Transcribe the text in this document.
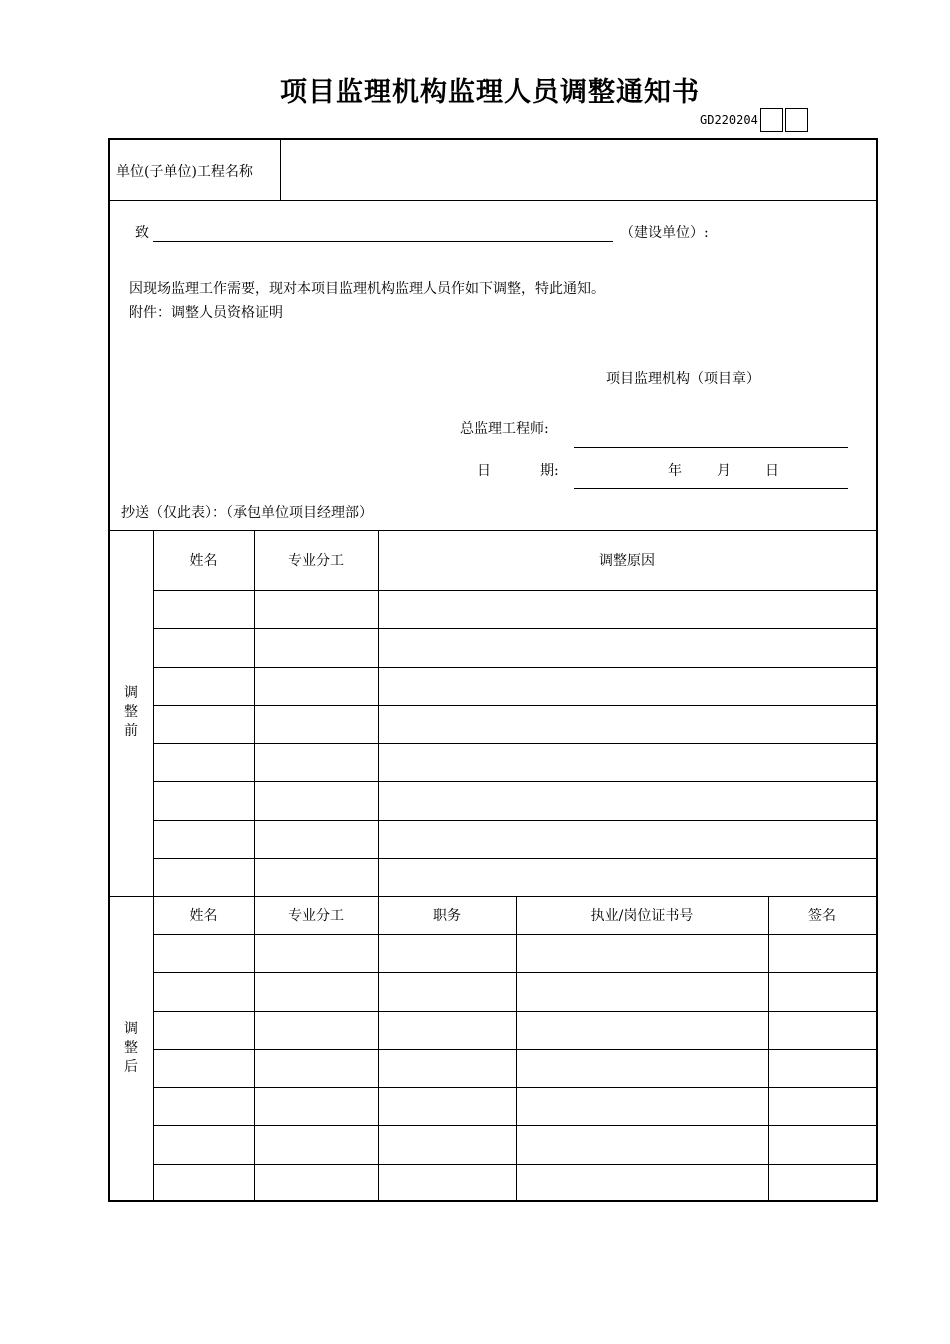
项目监理机构监理人员调整通知书
GD220204
单位(子单位)工程名称
致	（建设单位）:
因现场监理工作需要，现对本项目监理机构监理人员作如下调整，特此通知。
附件：调整人员资格证明
项目监理机构（项目章）
总监理工程师:
日	期:	年	月 日
抄送（仅此表）：（承包单位项目经理部）
调整前
姓名	专业分工	调整原因
调整后
姓名	专业分工	职务	执业/岗位证书号	签名
